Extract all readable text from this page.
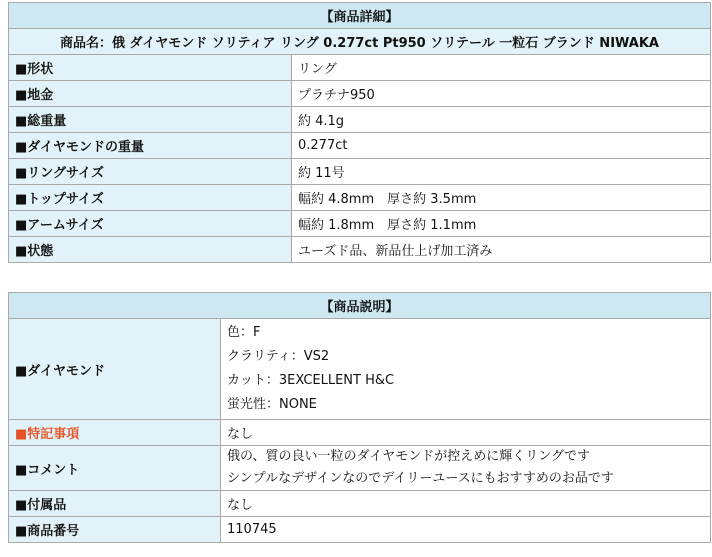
【商品詳細】	
商品名：俄 ダイヤモンド ソリティア リング 0.277ct Pt950 ソリテール 一粒石 ブランド NIWAKA	
■形状	リング
■地金	プラチナ950
■総重量	約 4.1g
■ダイヤモンドの重量	0.277ct
■リングサイズ	約 11号
■トップサイズ	幅約 4.8mm　厚さ約 3.5mm
■アームサイズ	幅約 1.8mm　厚さ約 1.1mm
■状態	ユーズド品、新品仕上げ加工済み
【商品説明】	
■ダイヤモンド	色：F
クラリティ：VS2
カット：3EXCELLENT H&C
蛍光性：NONE

■特記事項	なし
■コメント	俄の、質の良い一粒のダイヤモンドが控えめに輝くリングです
シンプルなデザインなのでデイリーユースにもおすすめのお品です

■付属品	なし
■商品番号	110745
